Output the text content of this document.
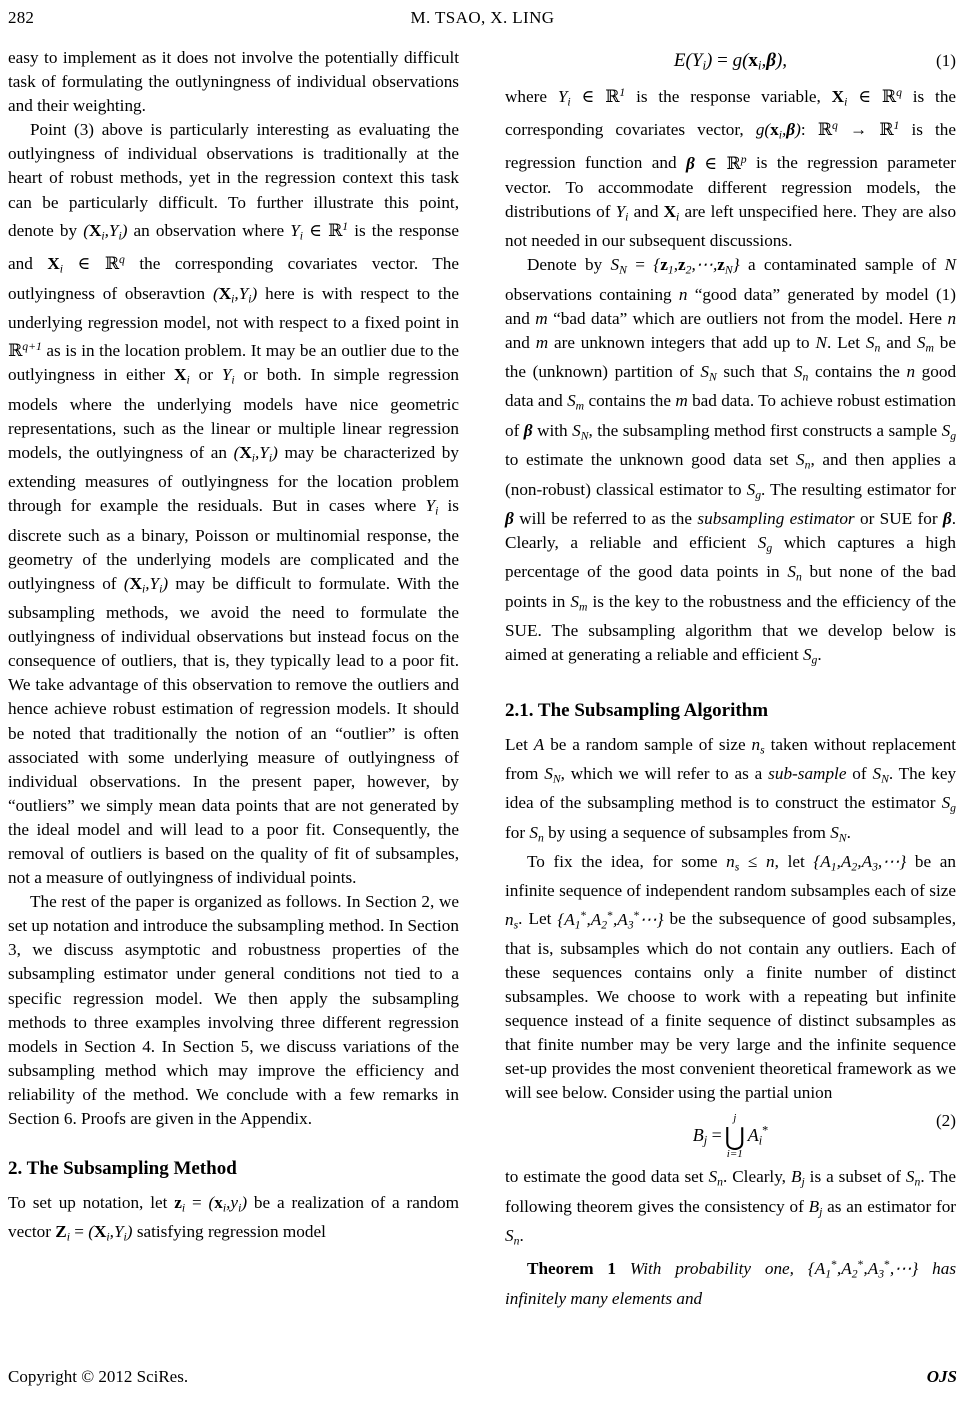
282	M. TSAO, X. LING

easy to implement as it does not involve the potentially difficult task of formulating the outlyningness of individual observations and their weighting.

Point (3) above is particularly interesting as evaluating the outlyingness of individual observations is traditionally at the heart of robust methods, yet in the regression context this task can be particularly difficult. To further illustrate this point, denote by $(X_i,Y_i)$ an observation where $Y_i$ ∈ ℝ$^1$ is the response and $X_i$ ∈ ℝ$^q$ the corresponding covariates vector. The outlyingness of obseravtion $(X_i,Y_i)$ here is with respect to the underlying regression model, not with respect to a fixed point in ℝ$^{q+1}$ as is in the location problem. It may be an outlier due to the outlyingness in either $X_i$ or $Y_i$ or both. In simple regression models where the underlying models have nice geometric representations, such as the linear or multiple linear regression models, the outlyingness of an $(X_i,Y_i)$ may be characterized by extending measures of outlyingness for the location problem through for example the residuals. But in cases where $Y_i$ is discrete such as a binary, Poisson or multinomial response, the geometry of the underlying models are complicated and the outlyingness of $(X_i,Y_i)$ may be difficult to formulate. With the subsampling methods, we avoid the need to formulate the outlyingness of individual observations but instead focus on the consequence of outliers, that is, they typically lead to a poor fit. We take advantage of this observation to remove the outliers and hence achieve robust estimation of regression models. It should be noted that traditionally the notion of an “outlier” is often associated with some underlying measure of outlyingness of individual observations. In the present paper, however, by “outliers” we simply mean data points that are not generated by the ideal model and will lead to a poor fit. Consequently, the removal of outliers is based on the quality of fit of subsamples, not a measure of outlyingness of individual points.

The rest of the paper is organized as follows. In Section 2, we set up notation and introduce the subsampling method. In Section 3, we discuss asymptotic and robustness properties of the subsampling estimator under general conditions not tied to a specific regression model. We then apply the subsampling methods to three examples involving three different regression models in Section 4. In Section 5, we discuss variations of the subsampling method which may improve the efficiency and reliability of the method. We conclude with a few remarks in Section 6. Proofs are given in the Appendix.

2. The Subsampling Method

To set up notation, let $z_i = (x_i,y_i)$ be a realization of a random vector $Z_i = (X_i,Y_i)$ satisfying regression model

$E(Y_i) = g(x_i,\beta)$,	(1)

where $Y_i$ ∈ ℝ$^1$ is the response variable, $X_i$ ∈ ℝ$^q$ is the corresponding covariates vector, $g(x_i,\beta)$: ℝ$^q$ → ℝ$^1$ is the regression function and β ∈ ℝ$^p$ is the regression parameter vector. To accommodate different regression models, the distributions of $Y_i$ and $X_i$ are left unspecified here. They are also not needed in our subsequent discussions.

Denote by $S_N$ = $\{z_1,z_2,\cdots,z_N\}$ a contaminated sample of N observations containing n “good data” generated by model (1) and m “bad data” which are outliers not from the model. Here n and m are unknown integers that add up to N. Let $S_n$ and $S_m$ be the (unknown) partition of $S_N$ such that $S_n$ contains the n good data and $S_m$ contains the m bad data. To achieve robust estimation of β with $S_N$, the subsampling method first constructs a sample $S_g$ to estimate the unknown good data set $S_n$, and then applies a (non-robust) classical estimator to $S_g$. The resulting estimator for β will be referred to as the subsampling estimator or SUE for β. Clearly, a reliable and efficient $S_g$ which captures a high percentage of the good data points in $S_n$ but none of the bad points in $S_m$ is the key to the robustness and the efficiency of the SUE. The subsampling algorithm that we develop below is aimed at generating a reliable and efficient $S_g$.

2.1. The Subsampling Algorithm

Let A be a random sample of size $n_s$ taken without replacement from $S_N$, which we will refer to as a sub-sample of $S_N$. The key idea of the subsampling method is to construct the estimator $S_g$ for $S_n$ by using a sequence of subsamples from $S_N$.

To fix the idea, for some $n_s \le n$, let $\{A_1,A_2,A_3,\cdots\}$ be an infinite sequence of independent random subsamples each of size $n_s$. Let $\{A_1^*,A_2^*,A_3^*\cdots\}$ be the subsequence of good subsamples, that is, subsamples which do not contain any outliers. Each of these sequences contains only a finite number of distinct subsamples. We choose to work with a repeating but infinite sequence instead of a finite sequence of distinct subsamples as that finite number may be very large and the infinite sequence set-up provides the most convenient theoretical framework as we will see below. Consider using the partial union

$B_j$ =
j
⋃
i=1
$A_i^*$
(2)

to estimate the good data set $S_n$. Clearly, $B_j$ is a subset of $S_n$. The following theorem gives the consistency of $B_j$ as an estimator for $S_n$.

Theorem 1 With probability one, $\{A_1^*,A_2^*,A_3^*,\cdots\}$ has infinitely many elements and

Copyright © 2012 SciRes.	OJS
